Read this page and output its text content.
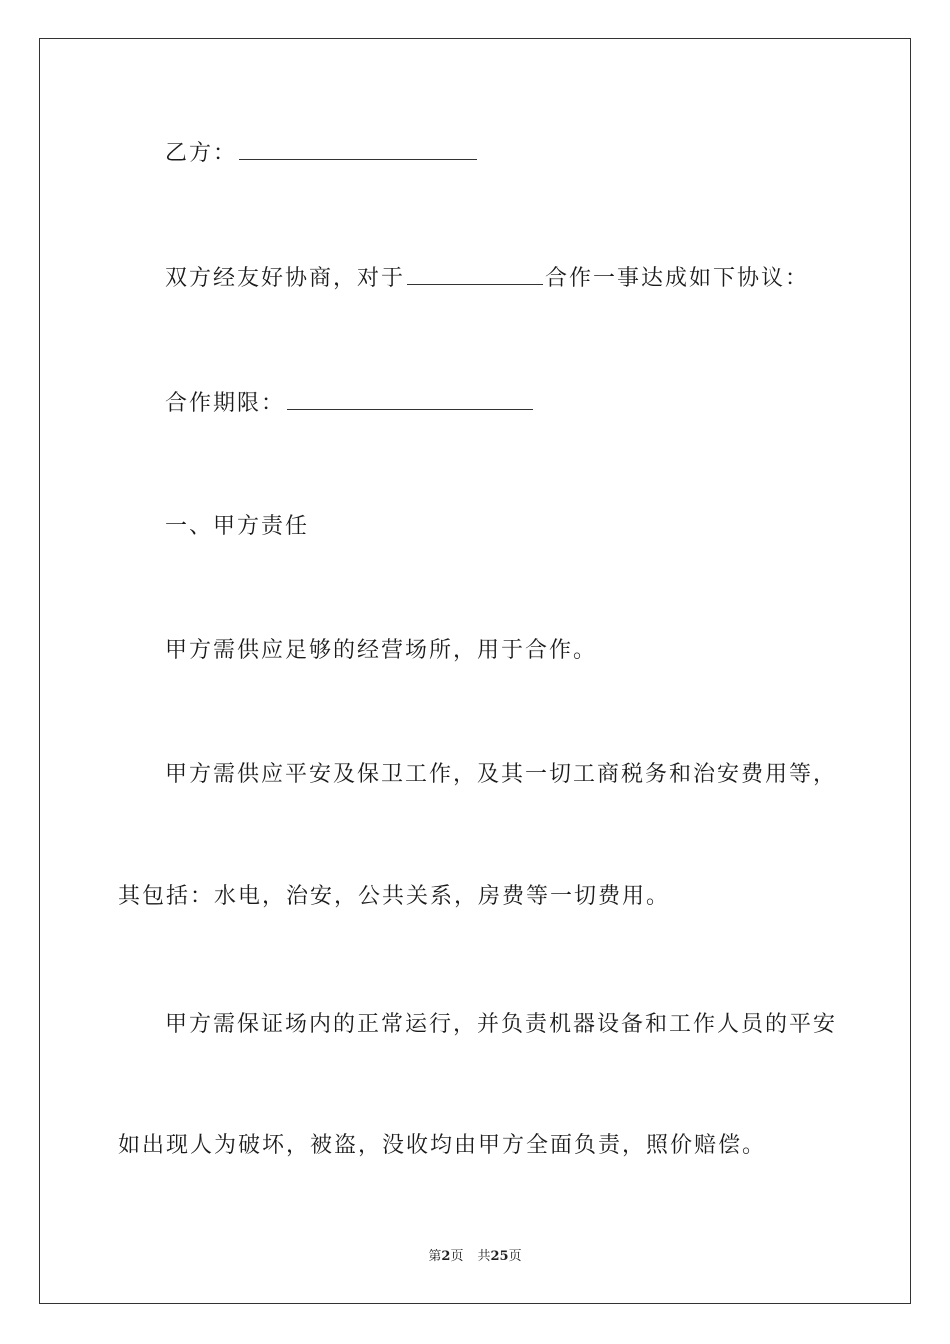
乙方：
双方经友好协商，对于	合作一事达成如下协议：
合作期限：
一、甲方责任
甲方需供应足够的经营场所，用于合作。
甲方需供应平安及保卫工作，及其一切工商税务和治安费用等，
其包括：水电，治安，公共关系，房费等一切费用。
甲方需保证场内的正常运行，并负责机器设备和工作人员的平安
如出现人为破坏，被盗，没收均由甲方全面负责，照价赔偿。
第2页 共25页
